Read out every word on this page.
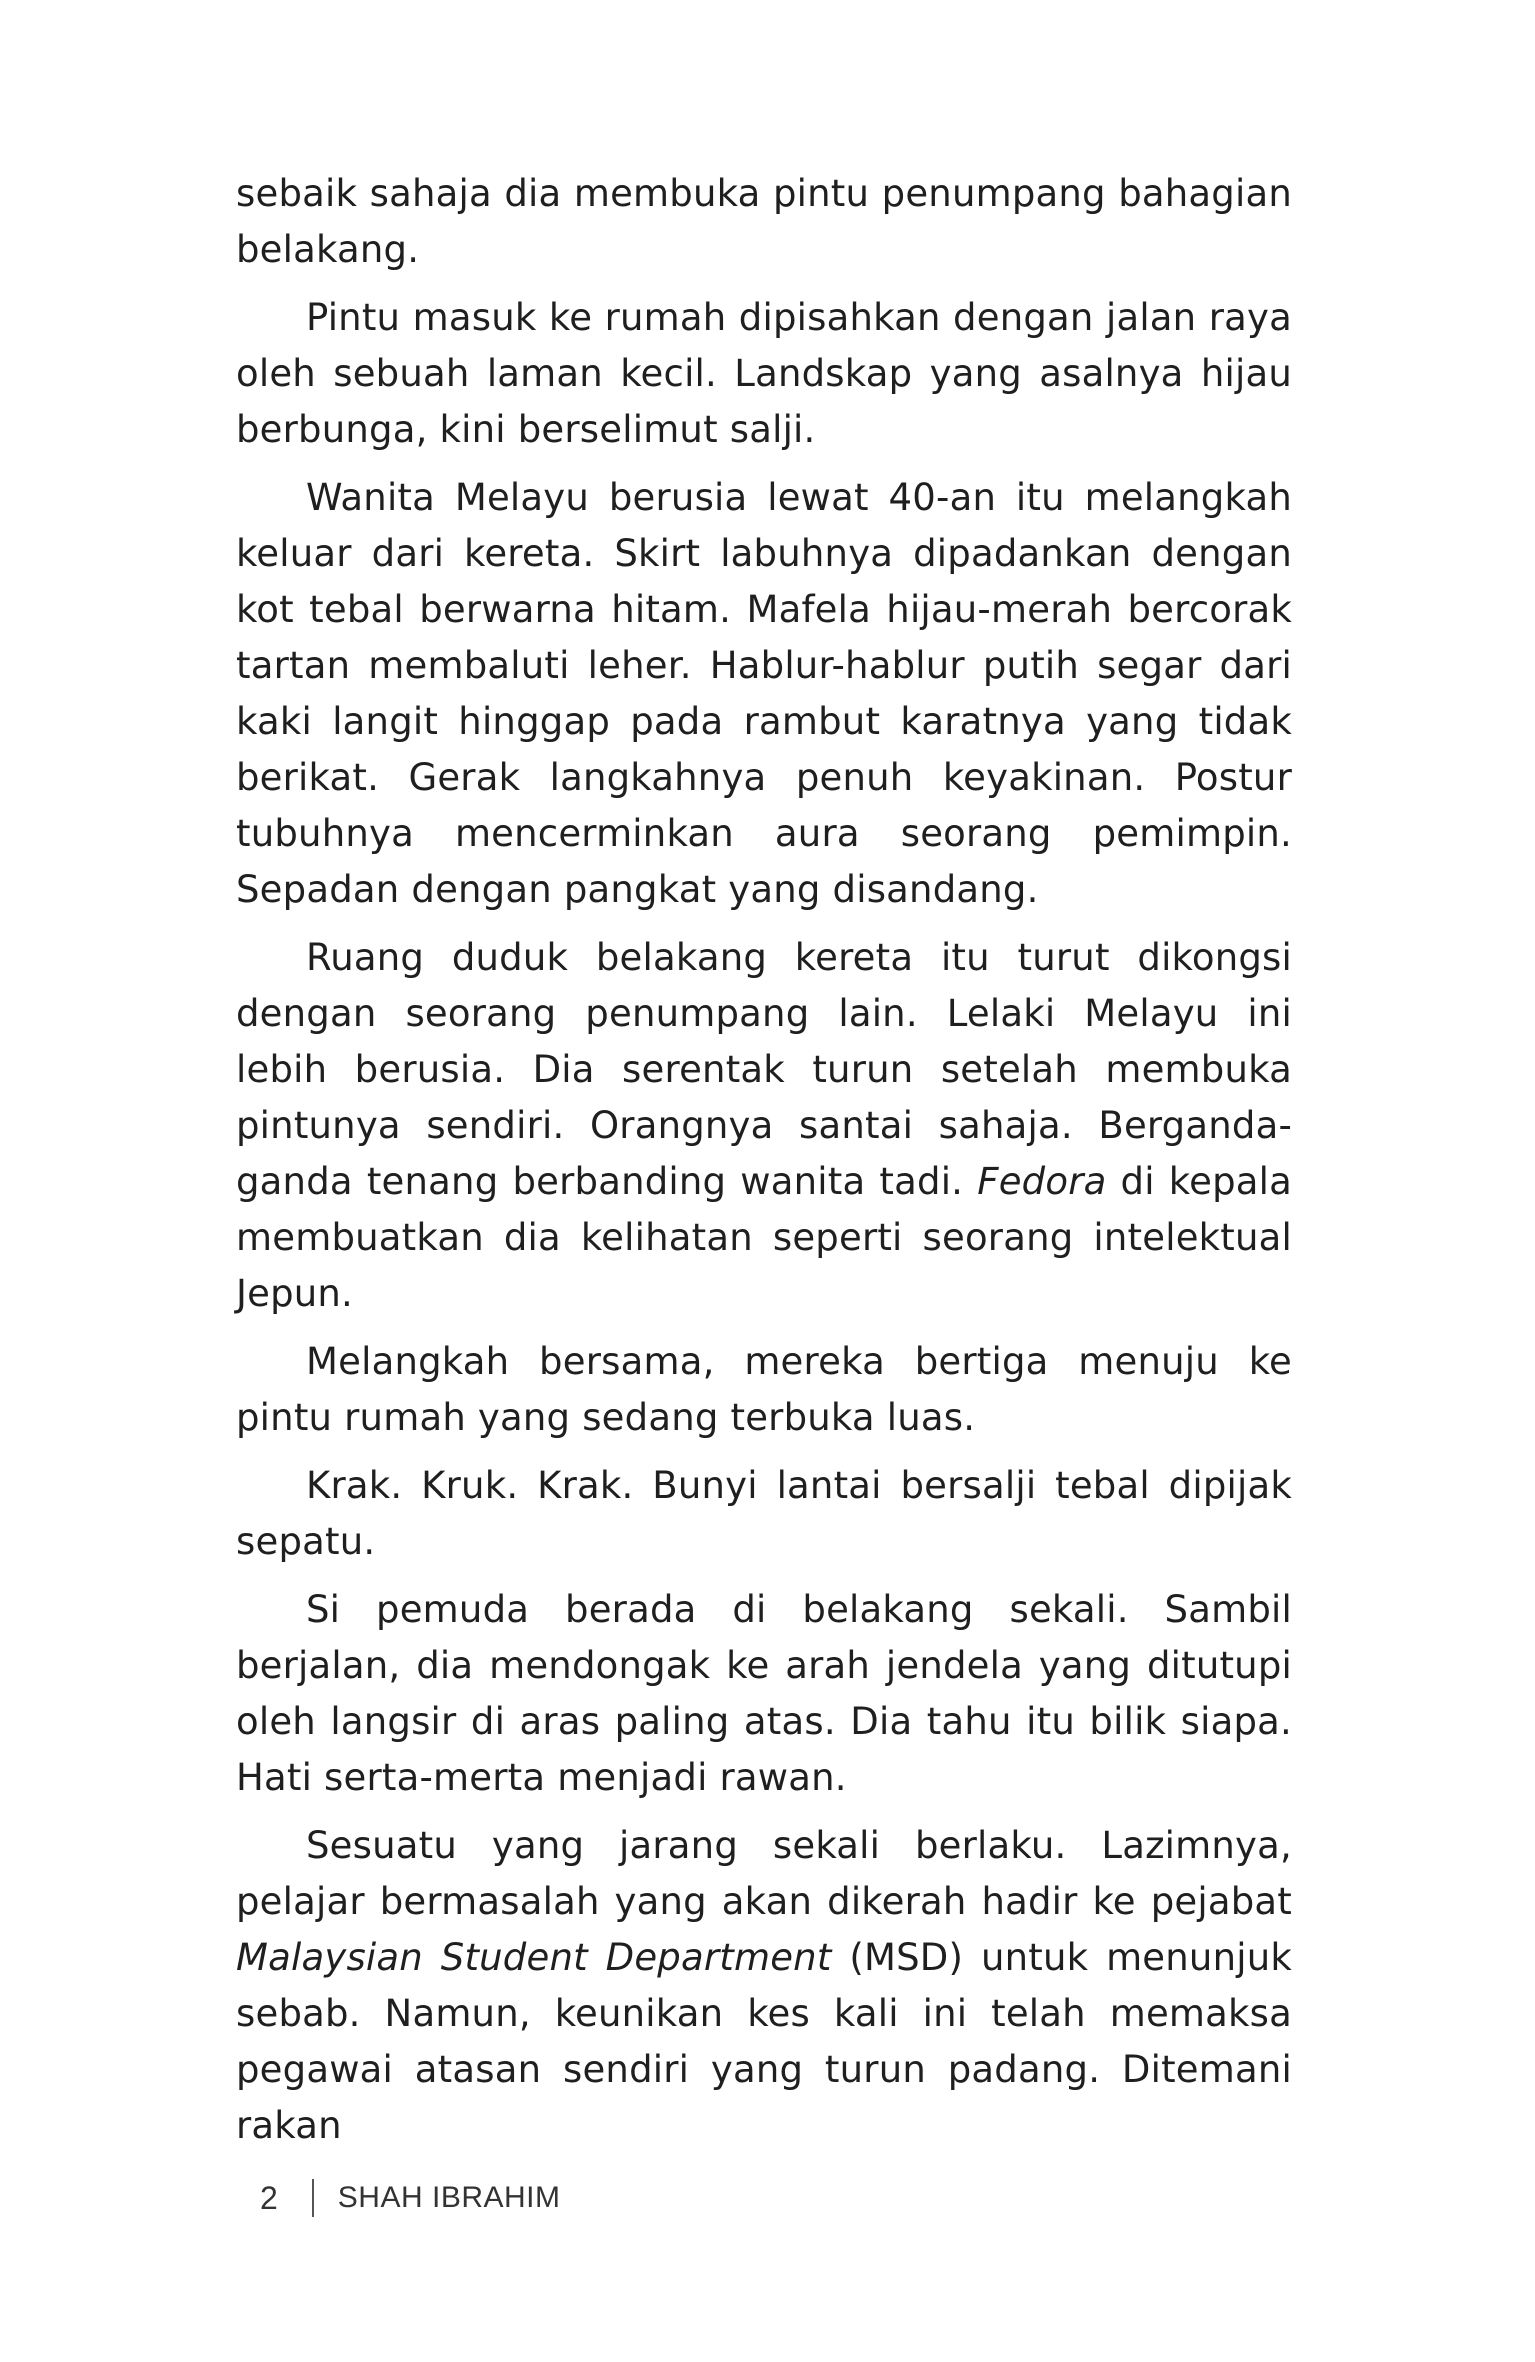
sebaik sahaja dia membuka pintu penumpang bahagian belakang.

Pintu masuk ke rumah dipisahkan dengan jalan raya oleh sebuah laman kecil. Landskap yang asalnya hijau berbunga, kini berselimut salji.

Wanita Melayu berusia lewat 40-an itu melangkah keluar dari kereta. Skirt labuhnya dipadankan dengan kot tebal berwarna hitam. Mafela hijau-merah bercorak tartan membaluti leher. Hablur-hablur putih segar dari kaki langit hinggap pada rambut karatnya yang tidak berikat. Gerak langkahnya penuh keyakinan. Postur tubuhnya mencerminkan aura seorang pemimpin. Sepadan dengan pangkat yang disandang.

Ruang duduk belakang kereta itu turut dikongsi dengan seorang penumpang lain. Lelaki Melayu ini lebih berusia. Dia serentak turun setelah membuka pintunya sendiri. Orangnya santai sahaja. Berganda-ganda tenang berbanding wanita tadi. Fedora di kepala membuatkan dia kelihatan seperti seorang intelektual Jepun.

Melangkah bersama, mereka bertiga menuju ke pintu rumah yang sedang terbuka luas.

Krak. Kruk. Krak. Bunyi lantai bersalji tebal dipijak sepatu.

Si pemuda berada di belakang sekali. Sambil berjalan, dia mendongak ke arah jendela yang ditutupi oleh langsir di aras paling atas. Dia tahu itu bilik siapa. Hati serta-merta menjadi rawan.

Sesuatu yang jarang sekali berlaku. Lazimnya, pelajar bermasalah yang akan dikerah hadir ke pejabat Malaysian Student Department (MSD) untuk menunjuk sebab. Namun, keunikan kes kali ini telah memaksa pegawai atasan sendiri yang turun padang. Ditemani rakan

2 SHAH IBRAHIM
